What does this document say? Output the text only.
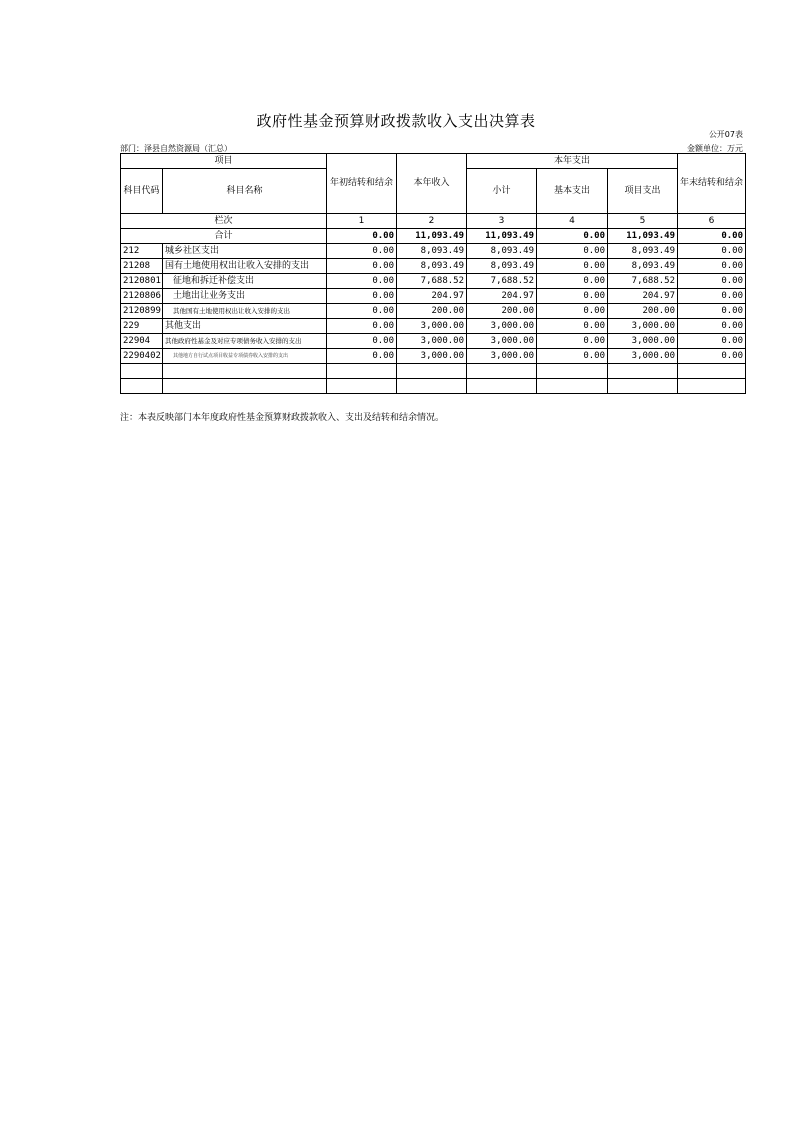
政府性基金预算财政拨款收入支出决算表
公开07表
部门：泽县自然资源局（汇总）	金额单位：万元
项目		年初结转和结余	本年收入	本年支出			年末结转和结余
科目代码	科目名称			小计	基本支出	项目支出	
栏次		1	2	3	4	5	6
合计		0.00	11,093.49	11,093.49	0.00	11,093.49	0.00
212	城乡社区支出	0.00	8,093.49	8,093.49	0.00	8,093.49	0.00
21208	国有土地使用权出让收入安排的支出	0.00	8,093.49	8,093.49	0.00	8,093.49	0.00
2120801	征地和拆迁补偿支出	0.00	7,688.52	7,688.52	0.00	7,688.52	0.00
2120806	土地出让业务支出	0.00	204.97	204.97	0.00	204.97	0.00
2120899	其他国有土地使用权出让收入安排的支出	0.00	200.00	200.00	0.00	200.00	0.00
229	其他支出	0.00	3,000.00	3,000.00	0.00	3,000.00	0.00
22904	其他政府性基金及对应专项债务收入安排的支出	0.00	3,000.00	3,000.00	0.00	3,000.00	0.00
2290402	其他地方自行试点项目收益专项债券收入安排的支出	0.00	3,000.00	3,000.00	0.00	3,000.00	0.00

注：本表反映部门本年度政府性基金预算财政拨款收入、支出及结转和结余情况。
